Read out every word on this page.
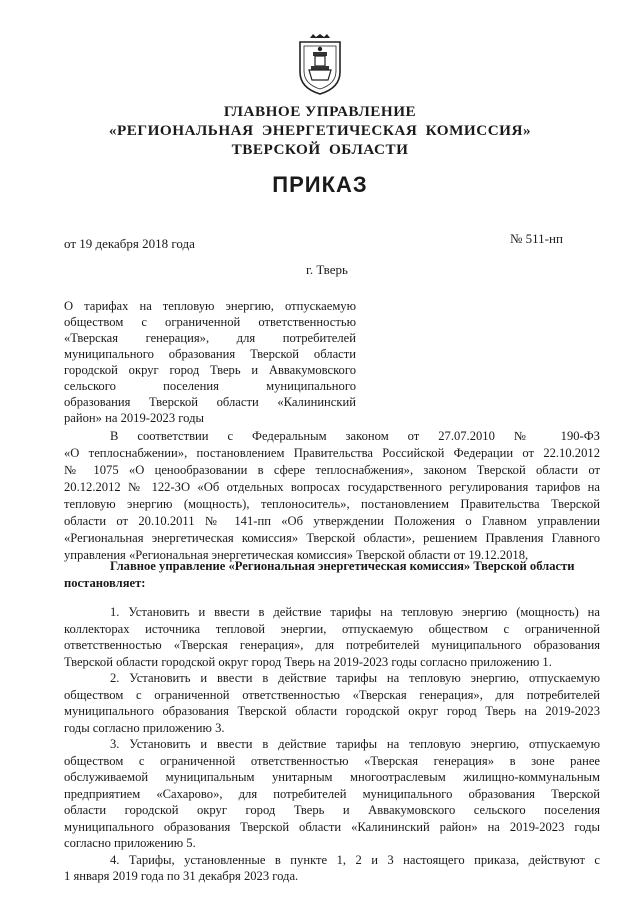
ГЛАВНОЕ УПРАВЛЕНИЕ
«РЕГИОНАЛЬНАЯ ЭНЕРГЕТИЧЕСКАЯ КОМИССИЯ»
ТВЕРСКОЙ ОБЛАСТИ
ПРИКАЗ
от 19 декабря 2018 года	№ 511-нп
г. Тверь
О тарифах на тепловую энергию, отпускаемую
обществом с ограниченной ответственностью
«Тверская генерация», для потребителей
муниципального образования Тверской области
городской округ город Тверь и Аввакумовского
сельского поселения муниципального
образования Тверской области «Калининский
район» на 2019-2023 годы
В соответствии с Федеральным законом от 27.07.2010 № 190-ФЗ
«О теплоснабжении», постановлением Правительства Российской Федерации от 22.10.2012
№ 1075 «О ценообразовании в сфере теплоснабжения», законом Тверской области от
20.12.2012 № 122-ЗО «Об отдельных вопросах государственного регулирования тарифов на
тепловую энергию (мощность), теплоноситель», постановлением Правительства Тверской
области от 20.10.2011 № 141-пп «Об утверждении Положения о Главном управлении
«Региональная энергетическая комиссия» Тверской области», решением Правления Главного
управления «Региональная энергетическая комиссия» Тверской области от 19.12.2018,
Главное управление «Региональная энергетическая комиссия» Тверской области
постановляет:
1. Установить и ввести в действие тарифы на тепловую энергию (мощность) на
коллекторах источника тепловой энергии, отпускаемую обществом с ограниченной
ответственностью «Тверская генерация», для потребителей муниципального образования
Тверской области городской округ город Тверь на 2019-2023 годы согласно приложению 1.
2. Установить и ввести в действие тарифы на тепловую энергию, отпускаемую
обществом с ограниченной ответственностью «Тверская генерация», для потребителей
муниципального образования Тверской области городской округ город Тверь на 2019-2023
годы согласно приложению 3.
3. Установить и ввести в действие тарифы на тепловую энергию, отпускаемую
обществом с ограниченной ответственностью «Тверская генерация» в зоне ранее
обслуживаемой муниципальным унитарным многоотраслевым жилищно-коммунальным
предприятием «Сахарово», для потребителей муниципального образования Тверской
области городской округ город Тверь и Аввакумовского сельского поселения
муниципального образования Тверской области «Калининский район» на 2019-2023 годы
согласно приложению 5.
4. Тарифы, установленные в пункте 1, 2 и 3 настоящего приказа, действуют с
1 января 2019 года по 31 декабря 2023 года.
